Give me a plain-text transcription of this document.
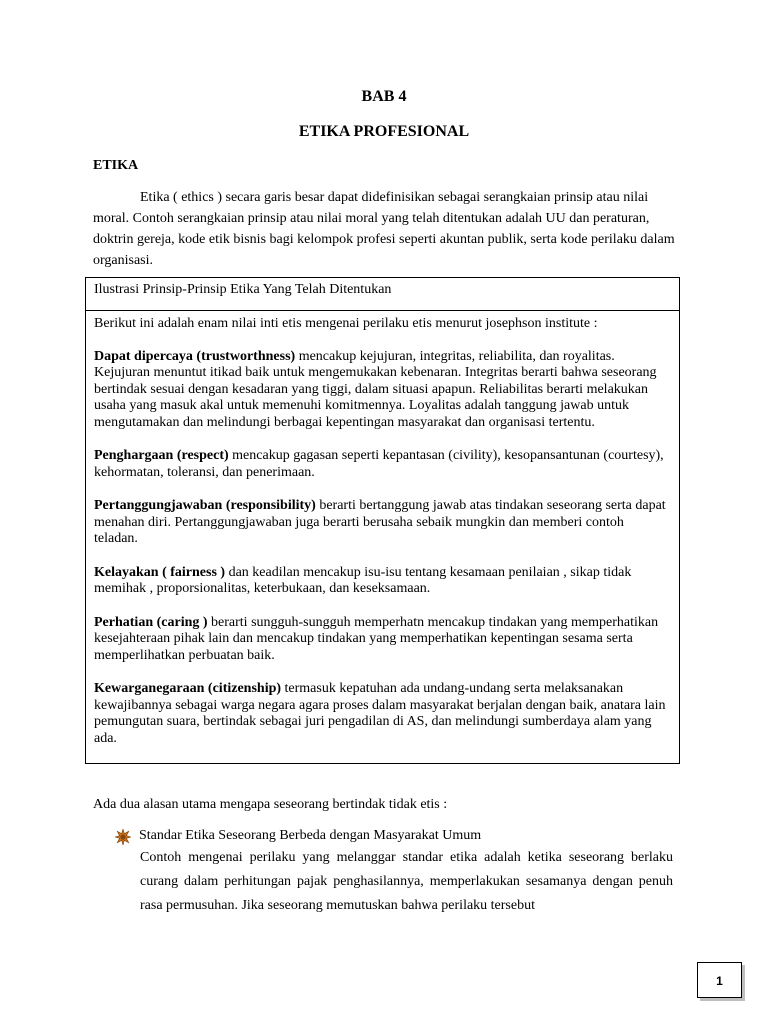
BAB 4
ETIKA PROFESIONAL
ETIKA

Etika ( ethics ) secara garis besar dapat didefinisikan sebagai serangkaian prinsip atau nilai moral. Contoh serangkaian prinsip atau nilai moral yang telah ditentukan adalah UU dan peraturan, doktrin gereja, kode etik bisnis bagi kelompok profesi seperti akuntan publik, serta kode perilaku dalam organisasi.

Ilustrasi Prinsip-Prinsip Etika Yang Telah Ditentukan

Berikut ini adalah enam nilai inti etis mengenai perilaku etis menurut josephson institute :

Dapat dipercaya (trustworthness) mencakup kejujuran, integritas, reliabilita, dan royalitas. Kejujuran menuntut itikad baik untuk mengemukakan kebenaran. Integritas berarti bahwa seseorang bertindak sesuai dengan kesadaran yang tiggi, dalam situasi apapun. Reliabilitas berarti melakukan usaha yang masuk akal untuk memenuhi komitmennya. Loyalitas adalah tanggung jawab untuk mengutamakan dan melindungi berbagai kepentingan masyarakat dan organisasi tertentu.

Penghargaan (respect) mencakup gagasan seperti kepantasan (civility), kesopansantunan (courtesy), kehormatan, toleransi, dan penerimaan.

Pertanggungjawaban (responsibility) berarti bertanggung jawab atas tindakan seseorang serta dapat menahan diri. Pertanggungjawaban juga berarti berusaha sebaik mungkin dan memberi contoh teladan.

Kelayakan ( fairness ) dan keadilan mencakup isu-isu tentang kesamaan penilaian , sikap tidak memihak , proporsionalitas, keterbukaan, dan keseksamaan.

Perhatian (caring ) berarti sungguh-sungguh memperhatn mencakup tindakan yang memperhatikan kesejahteraan pihak lain dan mencakup tindakan yang memperhatikan kepentingan sesama serta memperlihatkan perbuatan baik.

Kewarganegaraan (citizenship) termasuk kepatuhan ada undang-undang serta melaksanakan kewajibannya sebagai warga negara agara proses dalam masyarakat berjalan dengan baik, anatara lain pemungutan suara, bertindak sebagai juri pengadilan di AS, dan melindungi sumberdaya alam yang ada.

Ada dua alasan utama mengapa seseorang bertindak tidak etis :
Standar Etika Seseorang Berbeda dengan Masyarakat Umum

Contoh mengenai perilaku yang melanggar standar etika adalah ketika seseorang berlaku curang dalam perhitungan pajak penghasilannya, memperlakukan sesamanya dengan penuh rasa permusuhan. Jika seseorang memutuskan bahwa perilaku tersebut

1
